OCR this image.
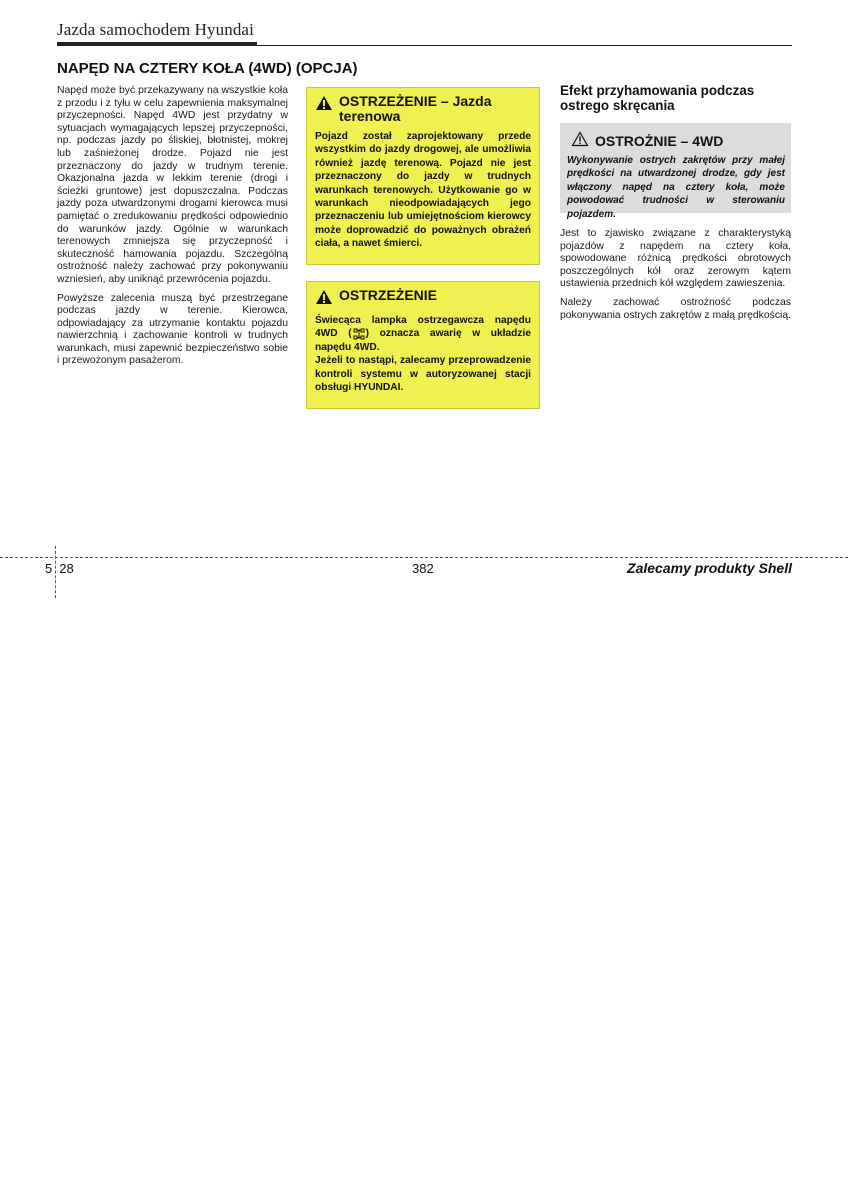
Jazda samochodem Hyundai
NAPĘD NA CZTERY KOŁA (4WD) (OPCJA)

Napęd może być przekazywany na wszystkie koła z przodu i z tyłu w celu zapewnienia maksymalnej przyczepności. Napęd 4WD jest przydatny w sytuacjach wymagających lepszej przyczepności, np. podczas jazdy po śliskiej, błotnistej, mokrej lub zaśnieżonej drodze. Pojazd nie jest przeznaczony do jazdy w trudnym terenie. Okazjonalna jazda w lekkim terenie (drogi i ścieżki gruntowe) jest dopuszczalna. Podczas jazdy poza utwardzonymi drogami kierowca musi pamiętać o zredukowaniu prędkości odpowiednio do warunków jazdy. Ogólnie w warunkach terenowych zmniejsza się przyczepność i skuteczność hamowania pojazdu. Szczególną ostrożność należy zachować przy pokonywaniu wzniesień, aby uniknąć przewrócenia pojazdu.

Powyższe zalecenia muszą być przestrzegane podczas jazdy w terenie. Kierowca, odpowiadający za utrzymanie kontaktu pojazdu nawierzchnią i zachowanie kontroli w trudnych warunkach, musi zapewnić bezpieczeństwo sobie i przewożonym pasażerom.

OSTRZEŻENIE – Jazda terenowa

Pojazd został zaprojektowany przede wszystkim do jazdy drogowej, ale umożliwia również jazdę terenową. Pojazd nie jest przeznaczony do jazdy w trudnych warunkach terenowych. Użytkowanie go w warunkach nieodpowiadających jego przeznaczeniu lub umiejętnościom kierowcy może doprowadzić do poważnych obrażeń ciała, a nawet śmierci.

OSTRZEŻENIE

Świecąca lampka ostrzegawcza napędu 4WD ( ) oznacza awarię w układzie napędu 4WD.

Jeżeli to nastąpi, zalecamy przeprowadzenie kontroli systemu w autoryzowanej stacji obsługi HYUNDAI.

Efekt przyhamowania podczas ostrego skręcania
OSTROŻNIE – 4WD
Wykonywanie ostrych zakrętów przy małej prędkości na utwardzonej drodze, gdy jest włączony napęd na cztery koła, może powodować trudności w sterowaniu pojazdem.

Jest to zjawisko związane z charakterystyką pojazdów z napędem na cztery koła, spowodowane różnicą prędkości obrotowych poszczególnych kół oraz zerowym kątem ustawienia przednich kół względem zawieszenia.

Należy zachować ostrożność podczas pokonywania ostrych zakrętów z małą prędkością.

5 28	382	Zalecamy produkty Shell
